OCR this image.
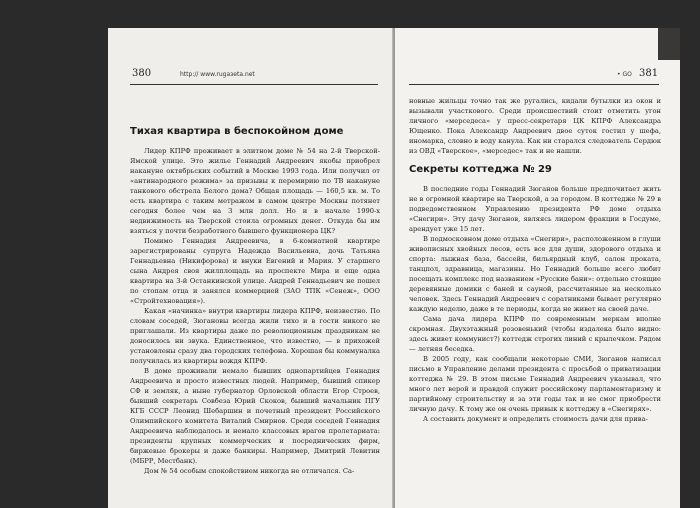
380	http:// www.rugaзeta.net
Тихая квартира в беспокойном доме

Лидер КПРФ проживает в элитном доме № 54 на 2-й Тверской-Ямской улице. Это жилье Геннадий Андреевич якобы приобрел накануне октябрьских событий в Москве 1993 года. Или получил от «антинародного режима» за призывы к перемирию по ТВ накануне танкового обстрела Белого дома? Общая площадь — 160,5 кв. м. То есть квартира с таким метражом в самом центре Москвы потянет сегодня более чем на 3 млн долл. Но и в начале 1990-х недвижимость на Тверской стоила огромных денег. Откуда бы им взяться у почти безработного бывшего функционера ЦК?

Помимо Геннадия Андреевича, в 6-комнатной квартире зарегистрированы супруга Надежда Васильевна, дочь Татьяна Геннадьевна (Никифорова) и внуки Евгений и Мария. У старшего сына Андрея своя жилплощадь на проспекте Мира и еще одна квартира на 3-й Останкинской улице. Андрей Геннадьевич не пошел по стопам отца и занялся коммерцией (ЗАО ТПК «Сенеж», ООО «Стройтехновация»).

Какая «начинка» внутри квартиры лидера КПРФ, неизвестно. По словам соседей, Зюгановы всегда жили тихо и в гости никого не приглашали. Из квартиры даже по революционным праздникам не доносилось ни звука. Единственное, что известно, — в прихожей установлены сразу два городских телефона. Хорошая бы коммуналка получилась из квартиры вождя КПРФ.

В доме проживали немало бывших однопартийцев Геннадия Андреевича и просто известных людей. Например, бывший спикер СФ и земляк, а ныне губернатор Орловской области Егор Строев, бывший секретарь Совбеза Юрий Скоков, бывший начальник ПГУ КГБ СССР Леонид Шебаршин и почетный президент Российского Олимпийского комитета Виталий Смирнов. Среди соседей Геннадия Андреевича наблюдалось и немало классовых врагов пролетариата: президенты крупных коммерческих и посреднических фирм, биржевые брокеры и даже банкиры. Например, Дмитрий Левитин (МБРР, Местбанк).

Дом № 54 особым спокойствием никогда не отличался. Са-

• GO 381

новные жильцы точно так же ругались, кидали бутылки из окон и вызывали участкового. Среди происшествий стоит отметить угон личного «мерседеса» у пресс-секретаря ЦК КПРФ Александра Ющенко. Пока Александр Андреевич двое суток гостил у шефа, иномарка, словно в воду канула. Как ни старался следователь Сердюк из ОВД «Тверское», «мерседес» так и не нашли.

Секреты коттеджа № 29

В последние годы Геннадий Зюганов больше предпочитает жить не в огромной квартире на Тверской, а за городом. В коттедже № 29 в подведомственном Управлению президента РФ доме отдыха «Снегири». Эту дачу Зюганов, являясь лидером фракции в Госдуме, арендует уже 15 лет.

В подмосковном доме отдыха «Снегири», расположенном в глуши живописных хвойных лесов, есть все для души, здорового отдыха и спорта: лыжная база, бассейн, бильярдный клуб, салон проката, танцпол, здравница, магазины. Но Геннадий больше всего любит посещать комплекс под названием «Русские бани»: отдельно стоящие деревянные домики с баней и сауной, рассчитанные на несколько человек. Здесь Геннадий Андреевич с соратниками бывает регулярно каждую неделю, даже в те периоды, когда не живет на своей даче.

Сама дача лидера КПРФ по современным меркам вполне скромная. Двухэтажный розовенький (чтобы издалека было видно: здесь живет коммунист?) коттедж строгих линий с крылечком. Рядом — летняя беседка.

В 2005 году, как сообщали некоторые СМИ, Зюганов написал письмо в Управление делами президента с просьбой о приватизации коттеджа № 29. В этом письме Геннадий Андреевич указывал, что много лет верой и правдой служит российскому парламентаризму и партийному строительству и за эти годы так и не смог приобрести личную дачу. К тому же он очень привык к коттеджу в «Снегирях».

А составить документ и определить стоимость дачи для прива-
